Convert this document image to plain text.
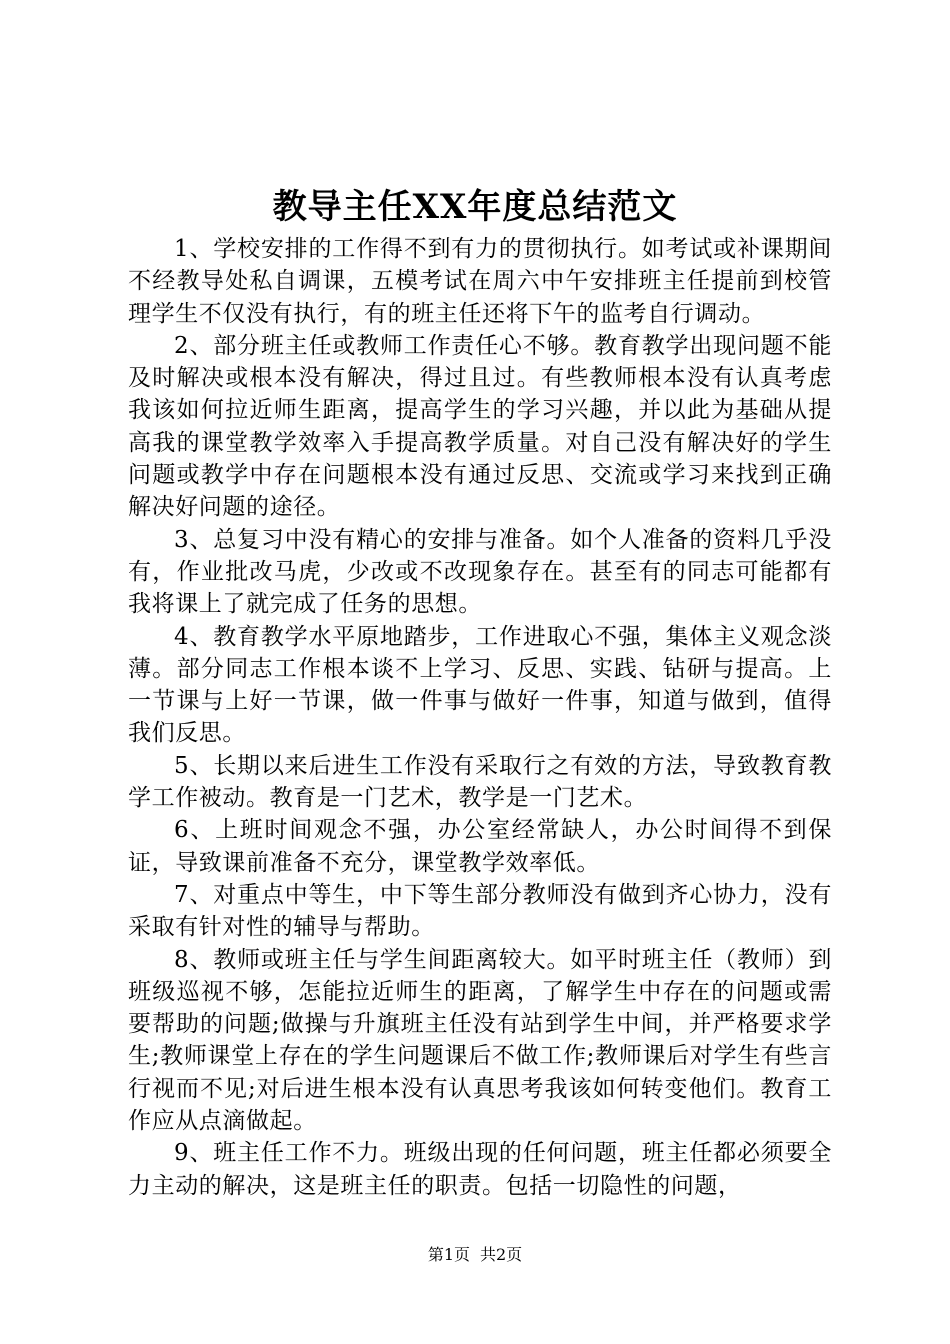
教导主任XX年度总结范文

1、学校安排的工作得不到有力的贯彻执行。如考试或补课期间不经教导处私自调课，五模考试在周六中午安排班主任提前到校管理学生不仅没有执行，有的班主任还将下午的监考自行调动。

2、部分班主任或教师工作责任心不够。教育教学出现问题不能及时解决或根本没有解决，得过且过。有些教师根本没有认真考虑我该如何拉近师生距离，提高学生的学习兴趣，并以此为基础从提高我的课堂教学效率入手提高教学质量。对自己没有解决好的学生问题或教学中存在问题根本没有通过反思、交流或学习来找到正确解决好问题的途径。

3、总复习中没有精心的安排与准备。如个人准备的资料几乎没有，作业批改马虎，少改或不改现象存在。甚至有的同志可能都有我将课上了就完成了任务的思想。

4、教育教学水平原地踏步，工作进取心不强，集体主义观念淡薄。部分同志工作根本谈不上学习、反思、实践、钻研与提高。上一节课与上好一节课，做一件事与做好一件事，知道与做到，值得我们反思。

5、长期以来后进生工作没有采取行之有效的方法，导致教育教学工作被动。教育是一门艺术，教学是一门艺术。

6、上班时间观念不强，办公室经常缺人，办公时间得不到保证，导致课前准备不充分，课堂教学效率低。

7、对重点中等生，中下等生部分教师没有做到齐心协力，没有采取有针对性的辅导与帮助。

8、教师或班主任与学生间距离较大。如平时班主任（教师）到班级巡视不够，怎能拉近师生的距离，了解学生中存在的问题或需要帮助的问题;做操与升旗班主任没有站到学生中间，并严格要求学生;教师课堂上存在的学生问题课后不做工作;教师课后对学生有些言行视而不见;对后进生根本没有认真思考我该如何转变他们。教育工作应从点滴做起。

9、班主任工作不力。班级出现的任何问题，班主任都必须要全力主动的解决，这是班主任的职责。包括一切隐性的问题，

第1页 共2页
